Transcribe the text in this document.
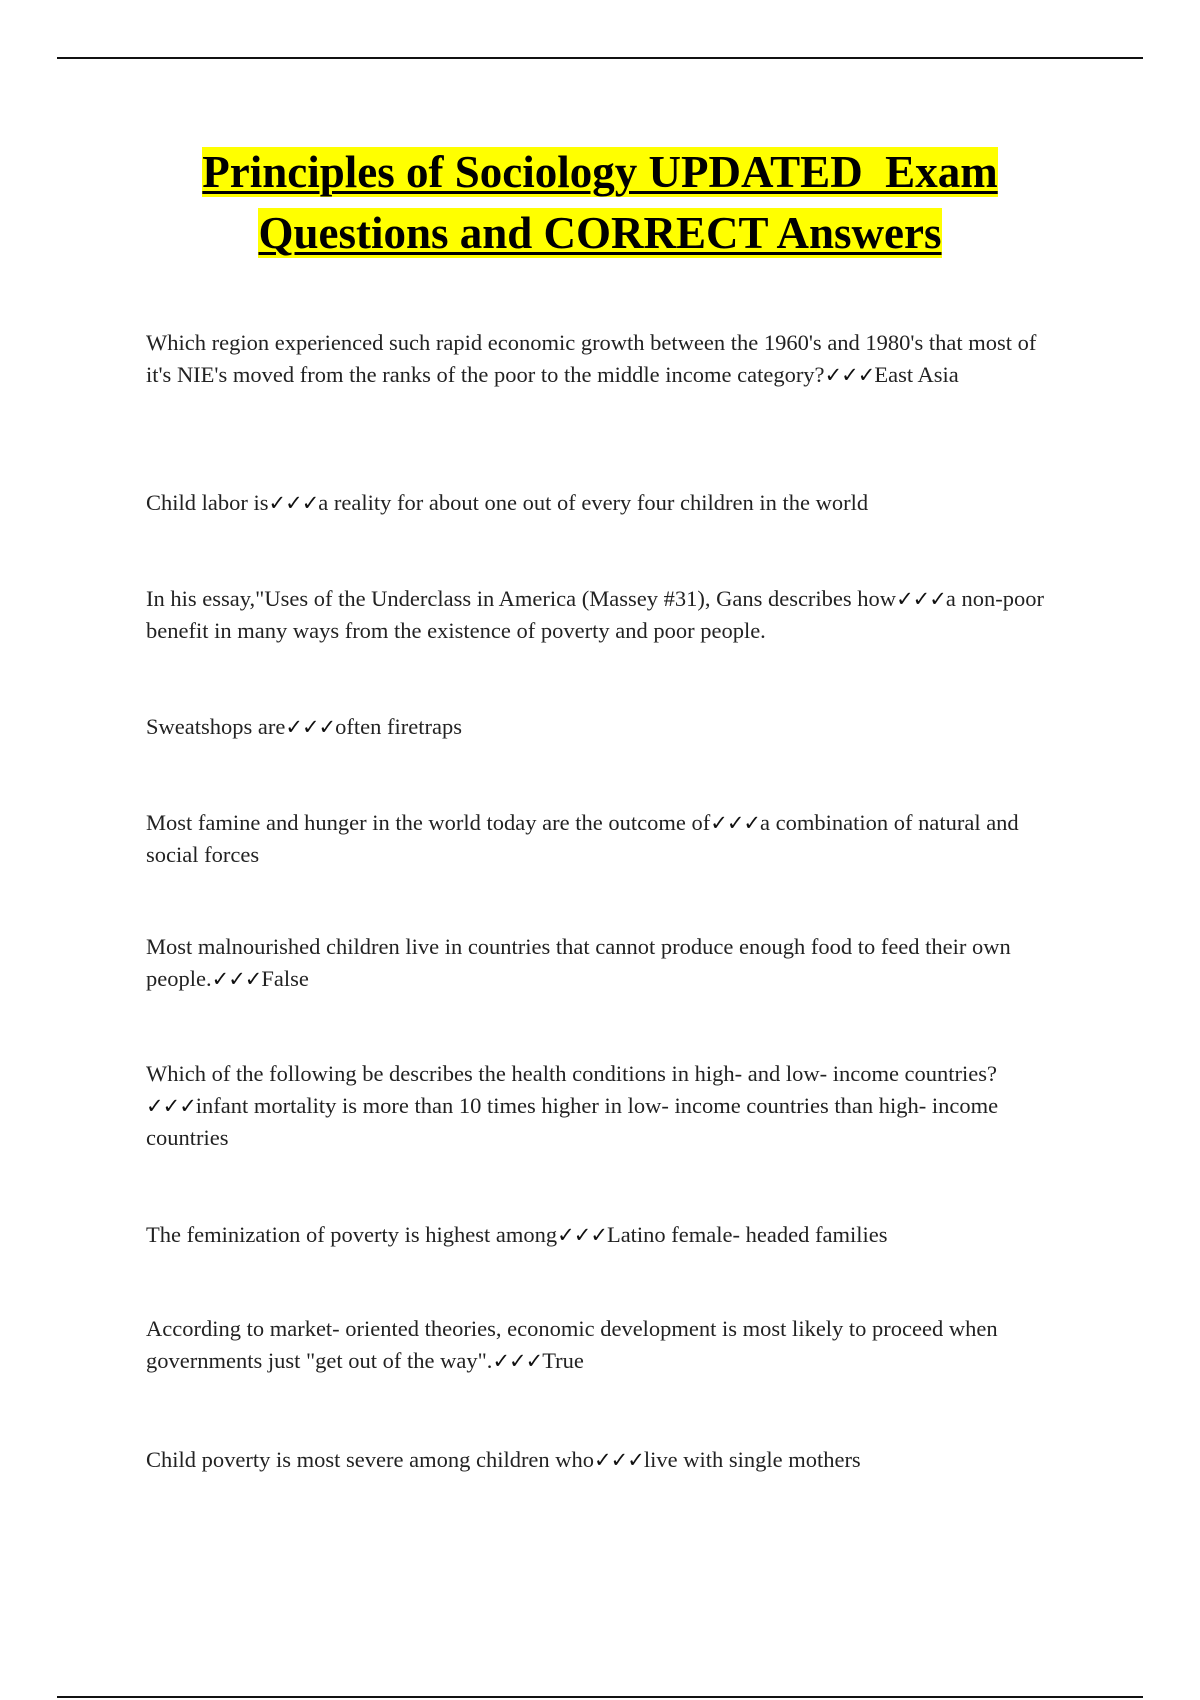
Principles of Sociology UPDATED  Exam
Questions and CORRECT Answers

Which region experienced such rapid economic growth between the 1960's and 1980's that most of it's NIE's moved from the ranks of the poor to the middle income category?✓✓✓East Asia

Child labor is✓✓✓a reality for about one out of every four children in the world

In his essay,"Uses of the Underclass in America (Massey #31), Gans describes how✓✓✓a non-poor benefit in many ways from the existence of poverty and poor people.

Sweatshops are✓✓✓often firetraps

Most famine and hunger in the world today are the outcome of✓✓✓a combination of natural and social forces

Most malnourished children live in countries that cannot produce enough food to feed their own people.✓✓✓False

Which of the following be describes the health conditions in high- and low- income countries?✓✓✓infant mortality is more than 10 times higher in low- income countries than high- income countries

The feminization of poverty is highest among✓✓✓Latino female- headed families

According to market- oriented theories, economic development is most likely to proceed when governments just "get out of the way".✓✓✓True

Child poverty is most severe among children who✓✓✓live with single mothers
